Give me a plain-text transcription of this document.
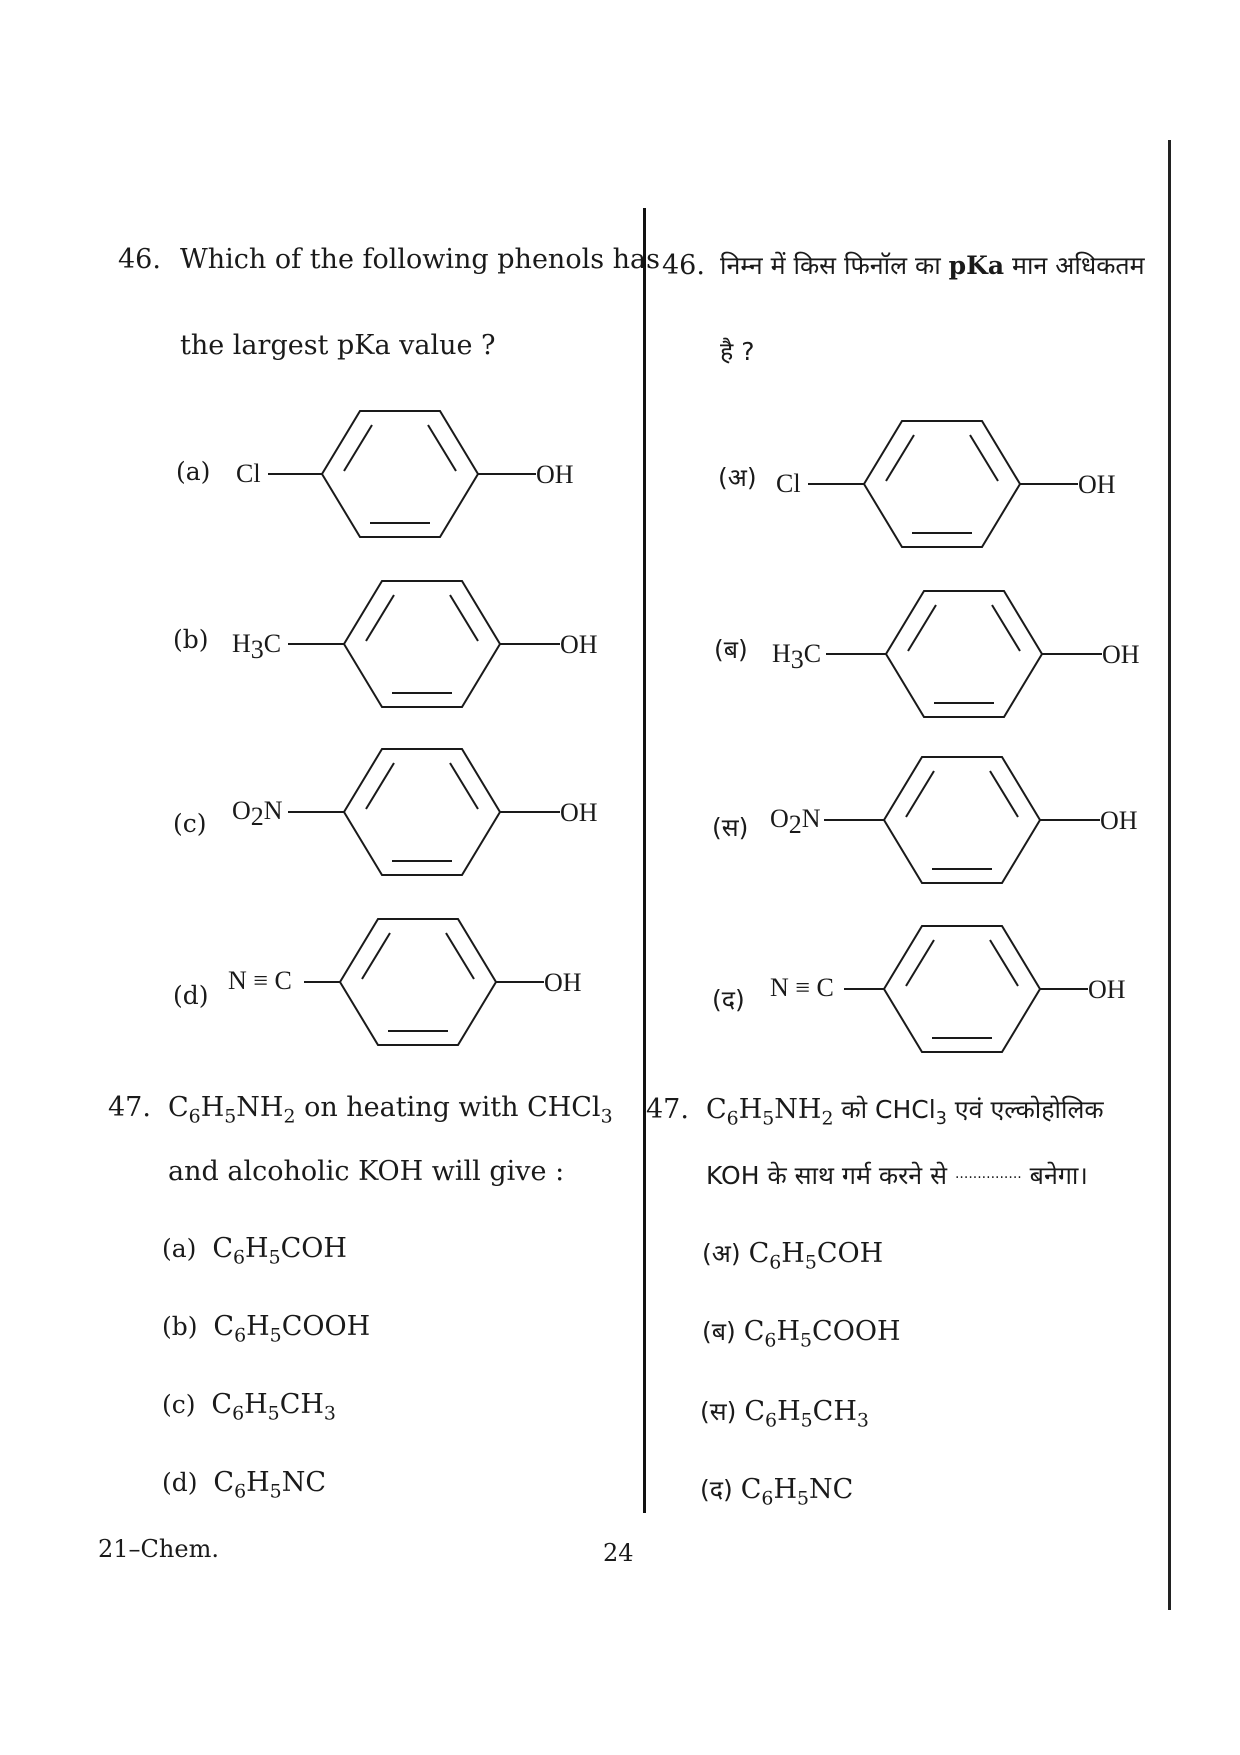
46. Which of the following phenols has
the largest pKa value ?
(a) Cl	OH
(b) H3C	OH
(c) O2N	OH
(d)
N ≡ C	OH
47. $C_6H_5NH_2$ on heating with CHCl$_3$
and alcoholic KOH will give :
(a) $C_6H_5COH$
(b) $C_6H_5COOH$
(c) $C_6H_5CH_3$
(d) $C_6H_5NC$
46. निम्न में किस फिनॉल का pKa मान अधिकतम
है ?
(अ) Cl	OH
(ब) H3C	OH
(स) O2N	OH
(द) N ≡ C	OH
47. $C_6H_5NH_2$ को CHCl$_3$ एवं एल्कोहोलिक
KOH के साथ गर्म करने से ............... बनेगा।
(अ) $C_6H_5COH$
(ब) $C_6H_5COOH$
(स) $C_6H_5CH_3$
(द) $C_6H_5NC$
21–Chem.	24
